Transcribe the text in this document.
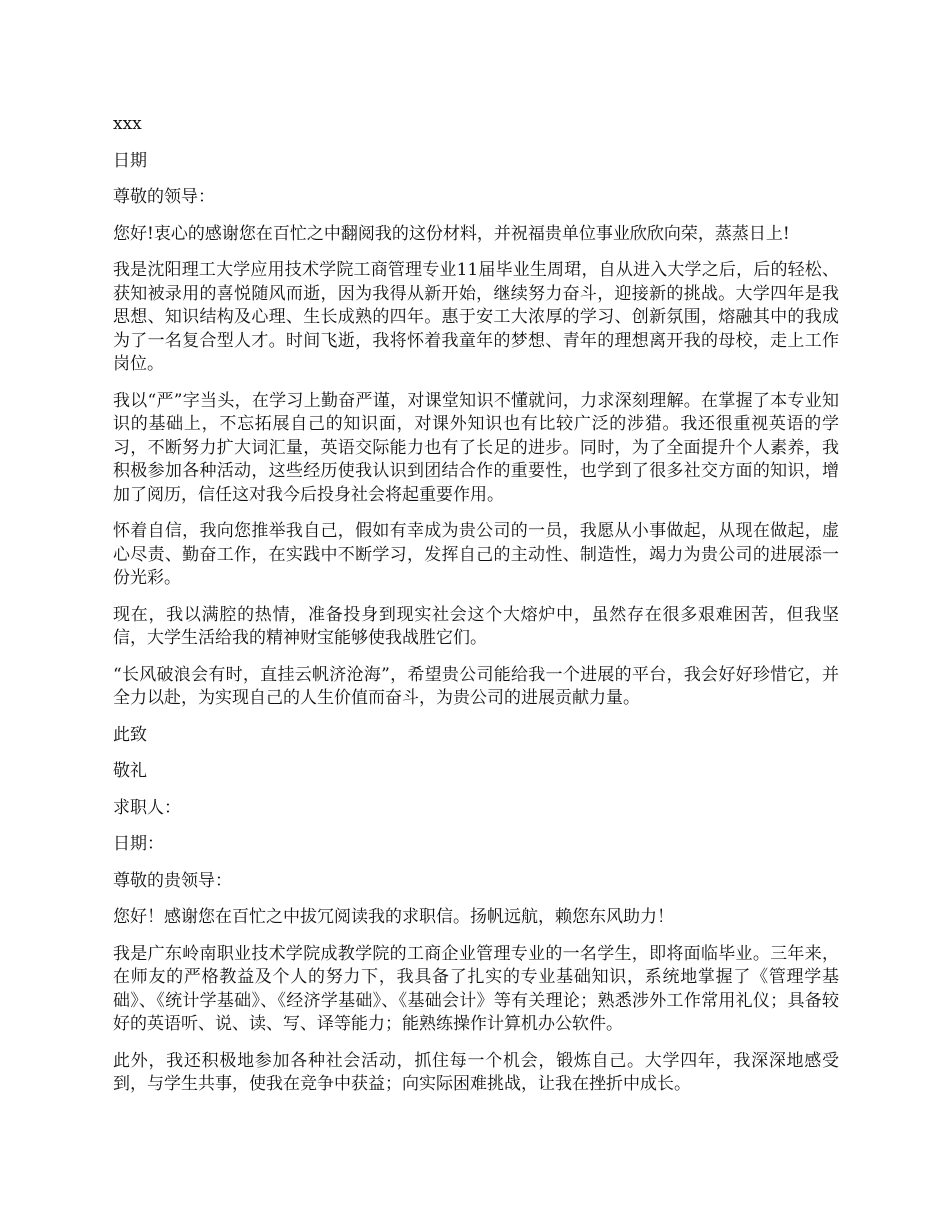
xxx

日期

尊敬的领导：

您好!衷心的感谢您在百忙之中翻阅我的这份材料，并祝福贵单位事业欣欣向荣，蒸蒸日上!

我是沈阳理工大学应用技术学院工商管理专业11届毕业生周珺，自从进入大学之后，后的轻松、获知被录用的喜悦随风而逝，因为我得从新开始，继续努力奋斗，迎接新的挑战。大学四年是我思想、知识结构及心理、生长成熟的四年。惠于安工大浓厚的学习、创新氛围，熔融其中的我成为了一名复合型人才。时间飞逝，我将怀着我童年的梦想、青年的理想离开我的母校，走上工作岗位。

我以“严”字当头，在学习上勤奋严谨，对课堂知识不懂就问，力求深刻理解。在掌握了本专业知识的基础上，不忘拓展自己的知识面，对课外知识也有比较广泛的涉猎。我还很重视英语的学习，不断努力扩大词汇量，英语交际能力也有了长足的进步。同时，为了全面提升个人素养，我积极参加各种活动，这些经历使我认识到团结合作的重要性，也学到了很多社交方面的知识，增加了阅历，信任这对我今后投身社会将起重要作用。

怀着自信，我向您推举我自己，假如有幸成为贵公司的一员，我愿从小事做起，从现在做起，虚心尽责、勤奋工作，在实践中不断学习，发挥自己的主动性、制造性，竭力为贵公司的进展添一份光彩。

现在，我以满腔的热情，准备投身到现实社会这个大熔炉中，虽然存在很多艰难困苦，但我坚信，大学生活给我的精神财宝能够使我战胜它们。

“长风破浪会有时，直挂云帆济沧海”，希望贵公司能给我一个进展的平台，我会好好珍惜它，并全力以赴，为实现自己的人生价值而奋斗，为贵公司的进展贡献力量。

此致

敬礼

求职人：

日期：

尊敬的贵领导：

您好！感谢您在百忙之中拔冗阅读我的求职信。扬帆远航，赖您东风助力！

我是广东岭南职业技术学院成教学院的工商企业管理专业的一名学生，即将面临毕业。三年来，在师友的严格教益及个人的努力下，我具备了扎实的专业基础知识，系统地掌握了《管理学基础》、《统计学基础》、《经济学基础》、《基础会计》等有关理论；熟悉涉外工作常用礼仪；具备较好的英语听、说、读、写、译等能力；能熟练操作计算机办公软件。

此外，我还积极地参加各种社会活动，抓住每一个机会，锻炼自己。大学四年，我深深地感受到，与学生共事，使我在竞争中获益；向实际困难挑战，让我在挫折中成长。
